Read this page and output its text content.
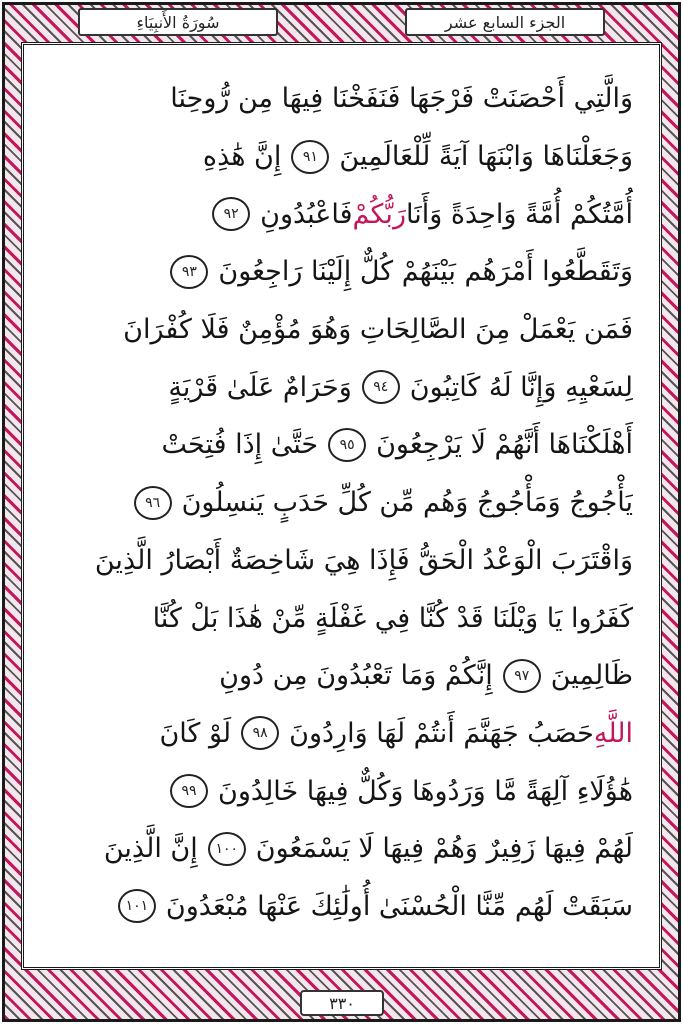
سُورَةُ الأَنبِيَاءِ	الجزء السابع عشر
وَالَّتِي أَحْصَنَتْ فَرْجَهَا فَنَفَخْنَا فِيهَا مِن رُّوحِنَا
وَجَعَلْنَاهَا وَابْنَهَا آيَةً لِّلْعَالَمِينَ
٩١
إِنَّ هَٰذِهِ
أُمَّتُكُمْ أُمَّةً وَاحِدَةً وَأَنَا
رَبُّكُمْ
فَاعْبُدُونِ
٩٢
وَتَقَطَّعُوا أَمْرَهُم بَيْنَهُمْ كُلٌّ إِلَيْنَا رَاجِعُونَ
٩٣
فَمَن يَعْمَلْ مِنَ الصَّالِحَاتِ وَهُوَ مُؤْمِنٌ فَلَا كُفْرَانَ
لِسَعْيِهِ وَإِنَّا لَهُ كَاتِبُونَ
٩٤
وَحَرَامٌ عَلَىٰ قَرْيَةٍ
أَهْلَكْنَاهَا أَنَّهُمْ لَا يَرْجِعُونَ
٩٥
حَتَّىٰ إِذَا فُتِحَتْ
يَأْجُوجُ وَمَأْجُوجُ وَهُم مِّن كُلِّ حَدَبٍ يَنسِلُونَ
٩٦
وَاقْتَرَبَ الْوَعْدُ الْحَقُّ فَإِذَا هِيَ شَاخِصَةٌ أَبْصَارُ الَّذِينَ
كَفَرُوا يَا وَيْلَنَا قَدْ كُنَّا فِي غَفْلَةٍ مِّنْ هَٰذَا بَلْ كُنَّا
ظَالِمِينَ
٩٧
إِنَّكُمْ وَمَا تَعْبُدُونَ مِن دُونِ
اللَّهِ
حَصَبُ جَهَنَّمَ أَنتُمْ لَهَا وَارِدُونَ
٩٨
لَوْ كَانَ
هَٰؤُلَاءِ آلِهَةً مَّا وَرَدُوهَا وَكُلٌّ فِيهَا خَالِدُونَ
٩٩
لَهُمْ فِيهَا زَفِيرٌ وَهُمْ فِيهَا لَا يَسْمَعُونَ
١٠٠
إِنَّ الَّذِينَ
سَبَقَتْ لَهُم مِّنَّا الْحُسْنَىٰ أُولَٰئِكَ عَنْهَا مُبْعَدُونَ
١٠١
٣٣٠
